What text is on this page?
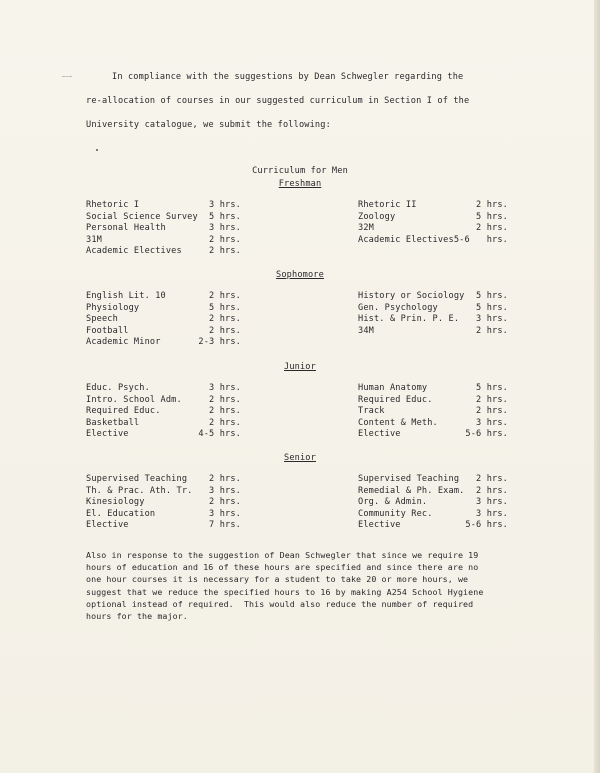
In compliance with the suggestions by Dean Schwegler regarding the
re-allocation of courses in our suggested curriculum in Section I of the
University catalogue, we submit the following:
Curriculum for Men
Freshman
Rhetoric I	3 hrs.
Social Science Survey	5 hrs.
Personal Health	3 hrs.
31M	2 hrs.
Academic Electives	2 hrs.
Rhetoric II	2 hrs.
Zoology	5 hrs.
32M	2 hrs.
Academic Electives5-6	hrs.
Sophomore
English Lit. 10	2 hrs.
Physiology	5 hrs.
Speech	2 hrs.
Football	2 hrs.
Academic Minor	2-3 hrs.
History or Sociology	5 hrs.
Gen. Psychology	5 hrs.
Hist. & Prin. P. E.	3 hrs.
34M	2 hrs.
Junior
Educ. Psych.	3 hrs.
Intro. School Adm.	2 hrs.
Required Educ.	2 hrs.
Basketball	2 hrs.
Elective	4-5 hrs.
Human Anatomy	5 hrs.
Required Educ.	2 hrs.
Track	2 hrs.
Content & Meth.	3 hrs.
Elective	5-6 hrs.
Senior
Supervised Teaching	2 hrs.
Th. & Prac. Ath. Tr.	3 hrs.
Kinesiology	2 hrs.
El. Education	3 hrs.
Elective	7 hrs.
Supervised Teaching	2 hrs.
Remedial & Ph. Exam.	2 hrs.
Org. & Admin.	3 hrs.
Community Rec.	3 hrs.
Elective	5-6 hrs.
Also in response to the suggestion of Dean Schwegler that since we require 19
hours of education and 16 of these hours are specified and since there are no
one hour courses it is necessary for a student to take 20 or more hours, we
suggest that we reduce the specified hours to 16 by making A254 School Hygiene
optional instead of required.  This would also reduce the number of required
hours for the major.
